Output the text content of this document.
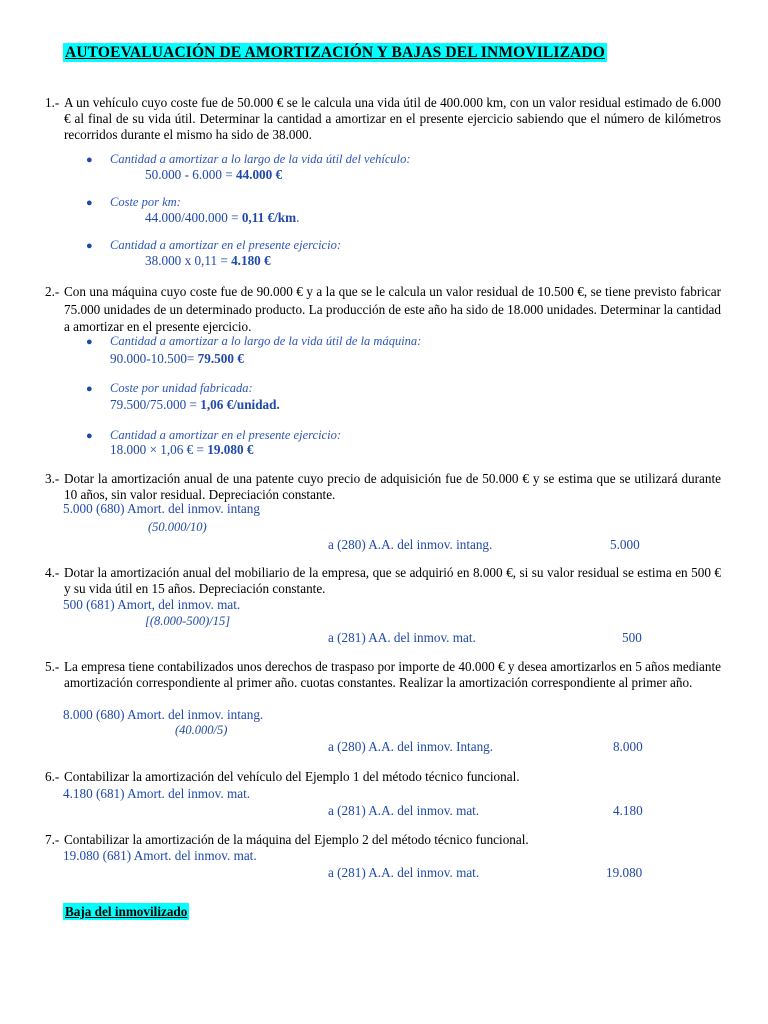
AUTOEVALUACIÓN DE AMORTIZACIÓN Y BAJAS DEL INMOVILIZADO
1.- A un vehículo cuyo coste fue de 50.000 € se le calcula una vida útil de 400.000 km, con un valor residual estimado de 6.000 € al final de su vida útil. Determinar la cantidad a amortizar en el presente ejercicio sabiendo que el número de kilómetros recorridos durante el mismo ha sido de 38.000.
● Cantidad a amortizar a lo largo de la vida útil del vehículo:
50.000 - 6.000 = 44.000 €
● Coste por km:
44.000/400.000 = 0,11 €/km.
● Cantidad a amortizar en el presente ejercicio:
38.000 x 0,11 = 4.180 €
2.- Con una máquina cuyo coste fue de 90.000 € y a la que se le calcula un valor residual de 10.500 €, se tiene previsto fabricar 75.000 unidades de un determinado producto. La producción de este año ha sido de 18.000 unidades. Determinar la cantidad a amortizar en el presente ejercicio.
● Cantidad a amortizar a lo largo de la vida útil de la máquina:
90.000-10.500= 79.500 €
● Coste por unidad fabricada:
79.500/75.000 = 1,06 €/unidad.
● Cantidad a amortizar en el presente ejercicio:
18.000 × 1,06 € = 19.080 €
3.- Dotar la amortización anual de una patente cuyo precio de adquisición fue de 50.000 € y se estima que se utilizará durante 10 años, sin valor residual. Depreciación constante.
5.000 (680) Amort. del inmov. intang
(50.000/10)
a (280) A.A. del inmov. intang.	5.000
4.- Dotar la amortización anual del mobiliario de la empresa, que se adquirió en 8.000 €, si su valor residual se estima en 500 € y su vida útil en 15 años. Depreciación constante.
500 (681) Amort, del inmov. mat.
[(8.000-500)/15]
a (281) AA. del inmov. mat.	500
5.- La empresa tiene contabilizados unos derechos de traspaso por importe de 40.000 € y desea amortizarlos en 5 años mediante amortización correspondiente al primer año. cuotas constantes. Realizar la amortización correspondiente al primer año.
8.000 (680) Amort. del inmov. intang.
(40.000/5)
a (280) A.A. del inmov. Intang.	8.000
6.- Contabilizar la amortización del vehículo del Ejemplo 1 del método técnico funcional.
4.180 (681) Amort. del inmov. mat.
a (281) A.A. del inmov. mat.	4.180
7.- Contabilizar la amortización de la máquina del Ejemplo 2 del método técnico funcional.
19.080 (681) Amort. del inmov. mat.
a (281) A.A. del inmov. mat.	19.080
Baja del inmovilizado
